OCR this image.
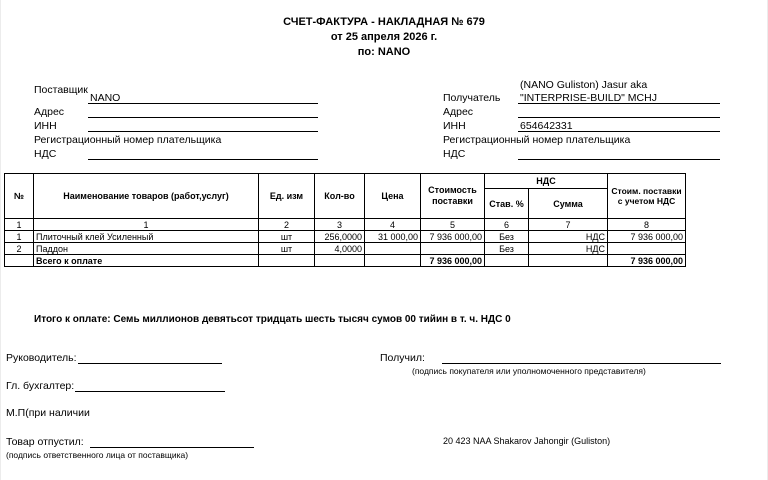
СЧЕТ-ФАКТУРА - НАКЛАДНАЯ № 679
от 25 апреля 2026 г.
по: NANO
Поставщик
NANO
Адрес
ИНН
Регистрационный номер плательщика
НДС
(NANO Guliston) Jasur aka
Получатель "INTERPRISE-BUILD" MCHJ
Адрес
ИНН	654642331
Регистрационный номер плательщика
НДС
№	Наименование товаров (работ,услуг)	Ед. изм	Кол-во	Цена	Стоимость поставки	НДС		Стоим. поставки с учетом НДС
						Став. %	Сумма	
1	1	2	3	4	5	6	7	8
1	Плиточный клей Усиленный	шт	256,0000	31 000,00	7 936 000,00	Без	НДС	7 936 000,00
2	Паддон	шт	4,0000			Без	НДС	
	Всего к оплате				7 936 000,00			7 936 000,00
Итого к оплате: Семь миллионов девятьсот тридцать шесть тысяч сумов 00 тийин в т. ч. НДС 0
Руководитель:
Гл. бухгалтер:
М.П(при наличии
Получил:
(подпись покупателя или уполномоченного представителя)
Товар отпустил:
(подпись ответственного лица от поставщика)
20 423 NAA Shakarov Jahongir (Guliston)
